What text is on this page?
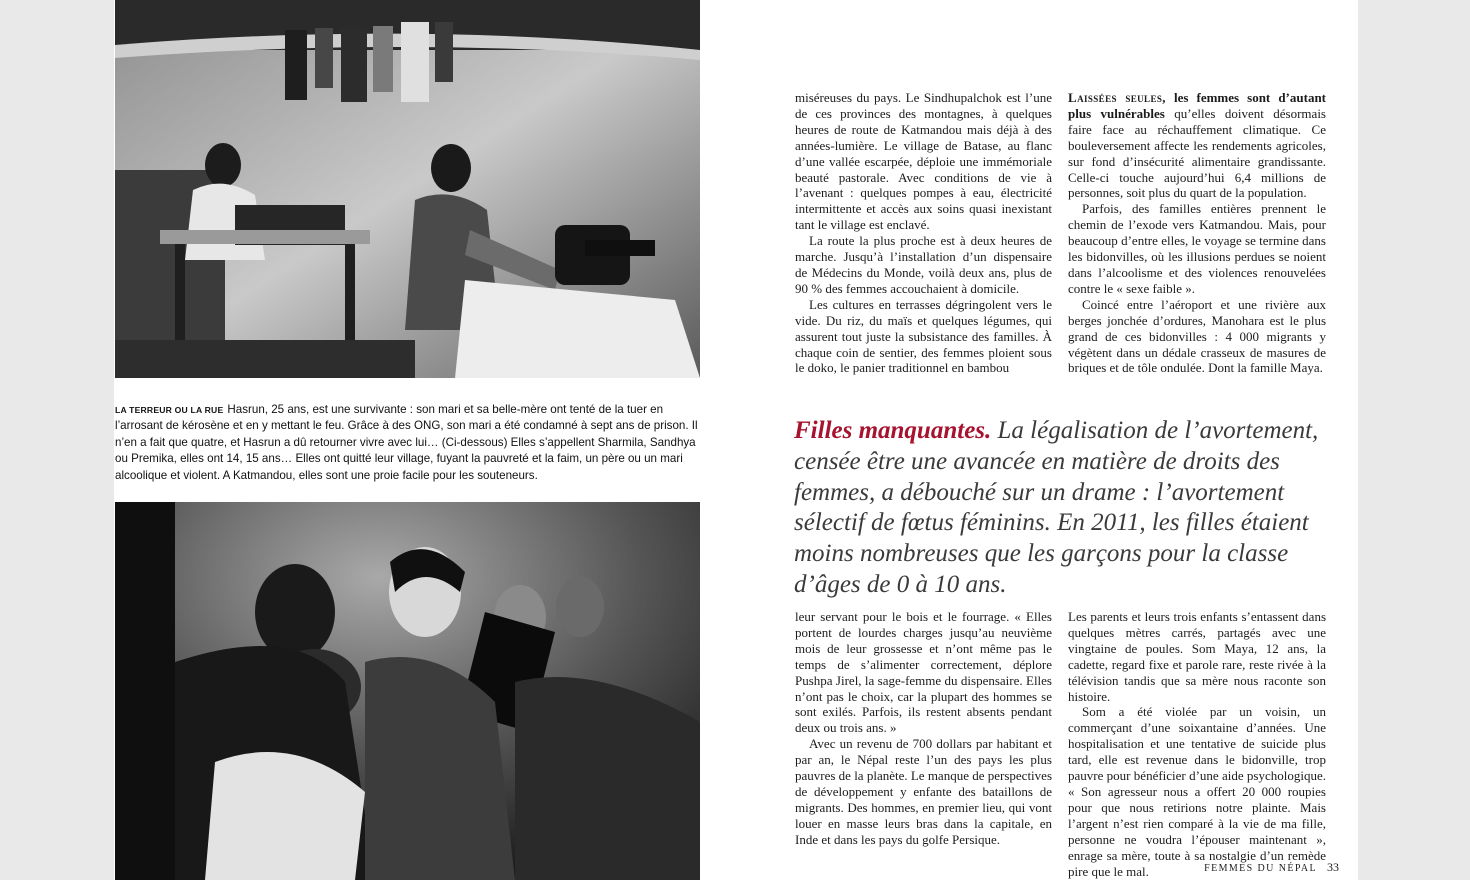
LA TERREUR OU LA RUE Hasrun, 25 ans, est une survivante : son mari et sa belle-mère ont tenté de la tuer en l’arrosant de kérosène et en y mettant le feu. Grâce à des ONG, son mari a été condamné à sept ans de prison. Il n’en a fait que quatre, et Hasrun a dû retourner vivre avec lui… (Ci-dessous) Elles s’appellent Sharmila, Sandhya ou Premika, elles ont 14, 15 ans… Elles ont quitté leur village, fuyant la pauvreté et la faim, un père ou un mari alcoolique et violent. A Katmandou, elles sont une proie facile pour les souteneurs.

miséreuses du pays. Le Sindhupalchok est l’une de ces provinces des montagnes, à quelques heures de route de Katmandou mais déjà à des années-lumière. Le village de Batase, au flanc d’une vallée escarpée, déploie une immémoriale beauté pastorale. Avec conditions de vie à l’avenant : quelques pompes à eau, électricité intermittente et accès aux soins quasi inexistant tant le village est enclavé.

La route la plus proche est à deux heures de marche. Jusqu’à l’installation d’un dispensaire de Médecins du Monde, voilà deux ans, plus de 90 % des femmes accouchaient à domicile.

Les cultures en terrasses dégringolent vers le vide. Du riz, du maïs et quelques légumes, qui assurent tout juste la subsistance des familles. À chaque coin de sentier, des femmes ploient sous le doko, le panier traditionnel en bambou

Laissées seules, les femmes sont d’autant plus vulnérables qu’elles doivent désormais faire face au réchauffement climatique. Ce bouleversement affecte les rendements agricoles, sur fond d’insécurité alimentaire grandissante. Celle-ci touche aujourd’hui 6,4 millions de personnes, soit plus du quart de la population.

Parfois, des familles entières prennent le chemin de l’exode vers Katmandou. Mais, pour beaucoup d’entre elles, le voyage se termine dans les bidonvilles, où les illusions perdues se noient dans l’alcoolisme et des violences renouvelées contre le « sexe faible ».

Coincé entre l’aéroport et une rivière aux berges jonchée d’ordures, Manohara est le plus grand de ces bidonvilles : 4 000 migrants y végètent dans un dédale crasseux de masures de briques et de tôle ondulée. Dont la famille Maya.

Filles manquantes. La légalisation de l’avortement, censée être une avancée en matière de droits des femmes, a débouché sur un drame : l’avortement sélectif de fœtus féminins. En 2011, les filles étaient moins nombreuses que les garçons pour la classe d’âges de 0 à 10 ans.

leur servant pour le bois et le fourrage. « Elles portent de lourdes charges jusqu’au neuvième mois de leur grossesse et n’ont même pas le temps de s’alimenter correctement, déplore Pushpa Jirel, la sage-femme du dispensaire. Elles n’ont pas le choix, car la plupart des hommes se sont exilés. Parfois, ils restent absents pendant deux ou trois ans. »

Avec un revenu de 700 dollars par habitant et par an, le Népal reste l’un des pays les plus pauvres de la planète. Le manque de perspectives de développement y enfante des bataillons de migrants. Des hommes, en premier lieu, qui vont louer en masse leurs bras dans la capitale, en Inde et dans les pays du golfe Persique.

Les parents et leurs trois enfants s’entassent dans quelques mètres carrés, partagés avec une vingtaine de poules. Som Maya, 12 ans, la cadette, regard fixe et parole rare, reste rivée à la télévision tandis que sa mère nous raconte son histoire.

Som a été violée par un voisin, un commerçant d’une soixantaine d’années. Une hospitalisation et une tentative de suicide plus tard, elle est revenue dans le bidonville, trop pauvre pour bénéficier d’une aide psychologique. « Son agresseur nous a offert 20 000 roupies pour que nous retirions notre plainte. Mais l’argent n’est rien comparé à la vie de ma fille, personne ne voudra l’épouser maintenant », enrage sa mère, toute à sa nostalgie d’un remède pire que le mal.	FEMMES DU NÉPAL 33
